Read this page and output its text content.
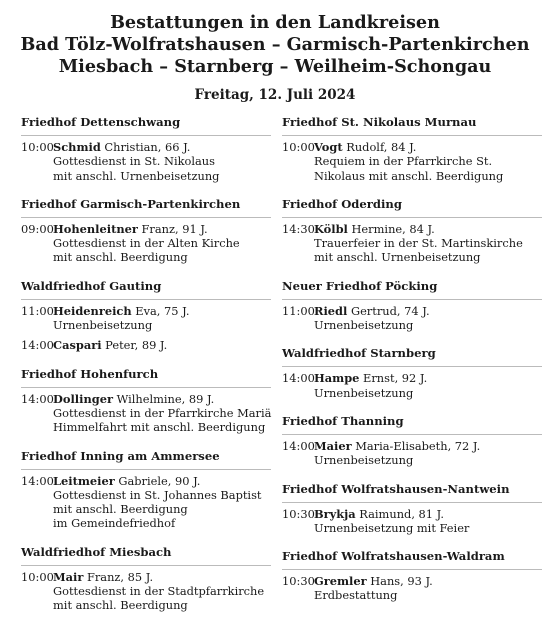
Bestattungen in den Landkreisen
Bad Tölz-Wolfratshausen – Garmisch-Partenkirchen
Miesbach – Starnberg – Weilheim-Schongau
Freitag, 12. Juli 2024
Friedhof Dettenschwang
10:00Schmid Christian, 66 J.
Gottesdienst in St. Nikolaus
mit anschl. Urnenbeisetzung
Friedhof Garmisch-Partenkirchen
09:00Hohenleitner Franz, 91 J.
Gottesdienst in der Alten Kirche
mit anschl. Beerdigung
Waldfriedhof Gauting
11:00Heidenreich Eva, 75 J.
Urnenbeisetzung
14:00Caspari Peter, 89 J.
Friedhof Hohenfurch
14:00Dollinger Wilhelmine, 89 J.
Gottesdienst in der Pfarrkirche Mariä
Himmelfahrt mit anschl. Beerdigung
Friedhof Inning am Ammersee
14:00Leitmeier Gabriele, 90 J.
Gottesdienst in St. Johannes Baptist
mit anschl. Beerdigung
im Gemeindefriedhof
Waldfriedhof Miesbach
10:00Mair Franz, 85 J.
Gottesdienst in der Stadtpfarrkirche
mit anschl. Beerdigung
Friedhof St. Nikolaus Murnau
10:00Vogt Rudolf, 84 J.
Requiem in der Pfarrkirche St.
Nikolaus mit anschl. Beerdigung
Friedhof Oderding
14:30Kölbl Hermine, 84 J.
Trauerfeier in der St. Martinskirche
mit anschl. Urnenbeisetzung
Neuer Friedhof Pöcking
11:00Riedl Gertrud, 74 J.
Urnenbeisetzung
Waldfriedhof Starnberg
14:00Hampe Ernst, 92 J.
Urnenbeisetzung
Friedhof Thanning
14:00Maier Maria-Elisabeth, 72 J.
Urnenbeisetzung
Friedhof Wolfratshausen-Nantwein
10:30Brykja Raimund, 81 J.
Urnenbeisetzung mit Feier
Friedhof Wolfratshausen-Waldram
10:30Gremler Hans, 93 J.
Erdbestattung
